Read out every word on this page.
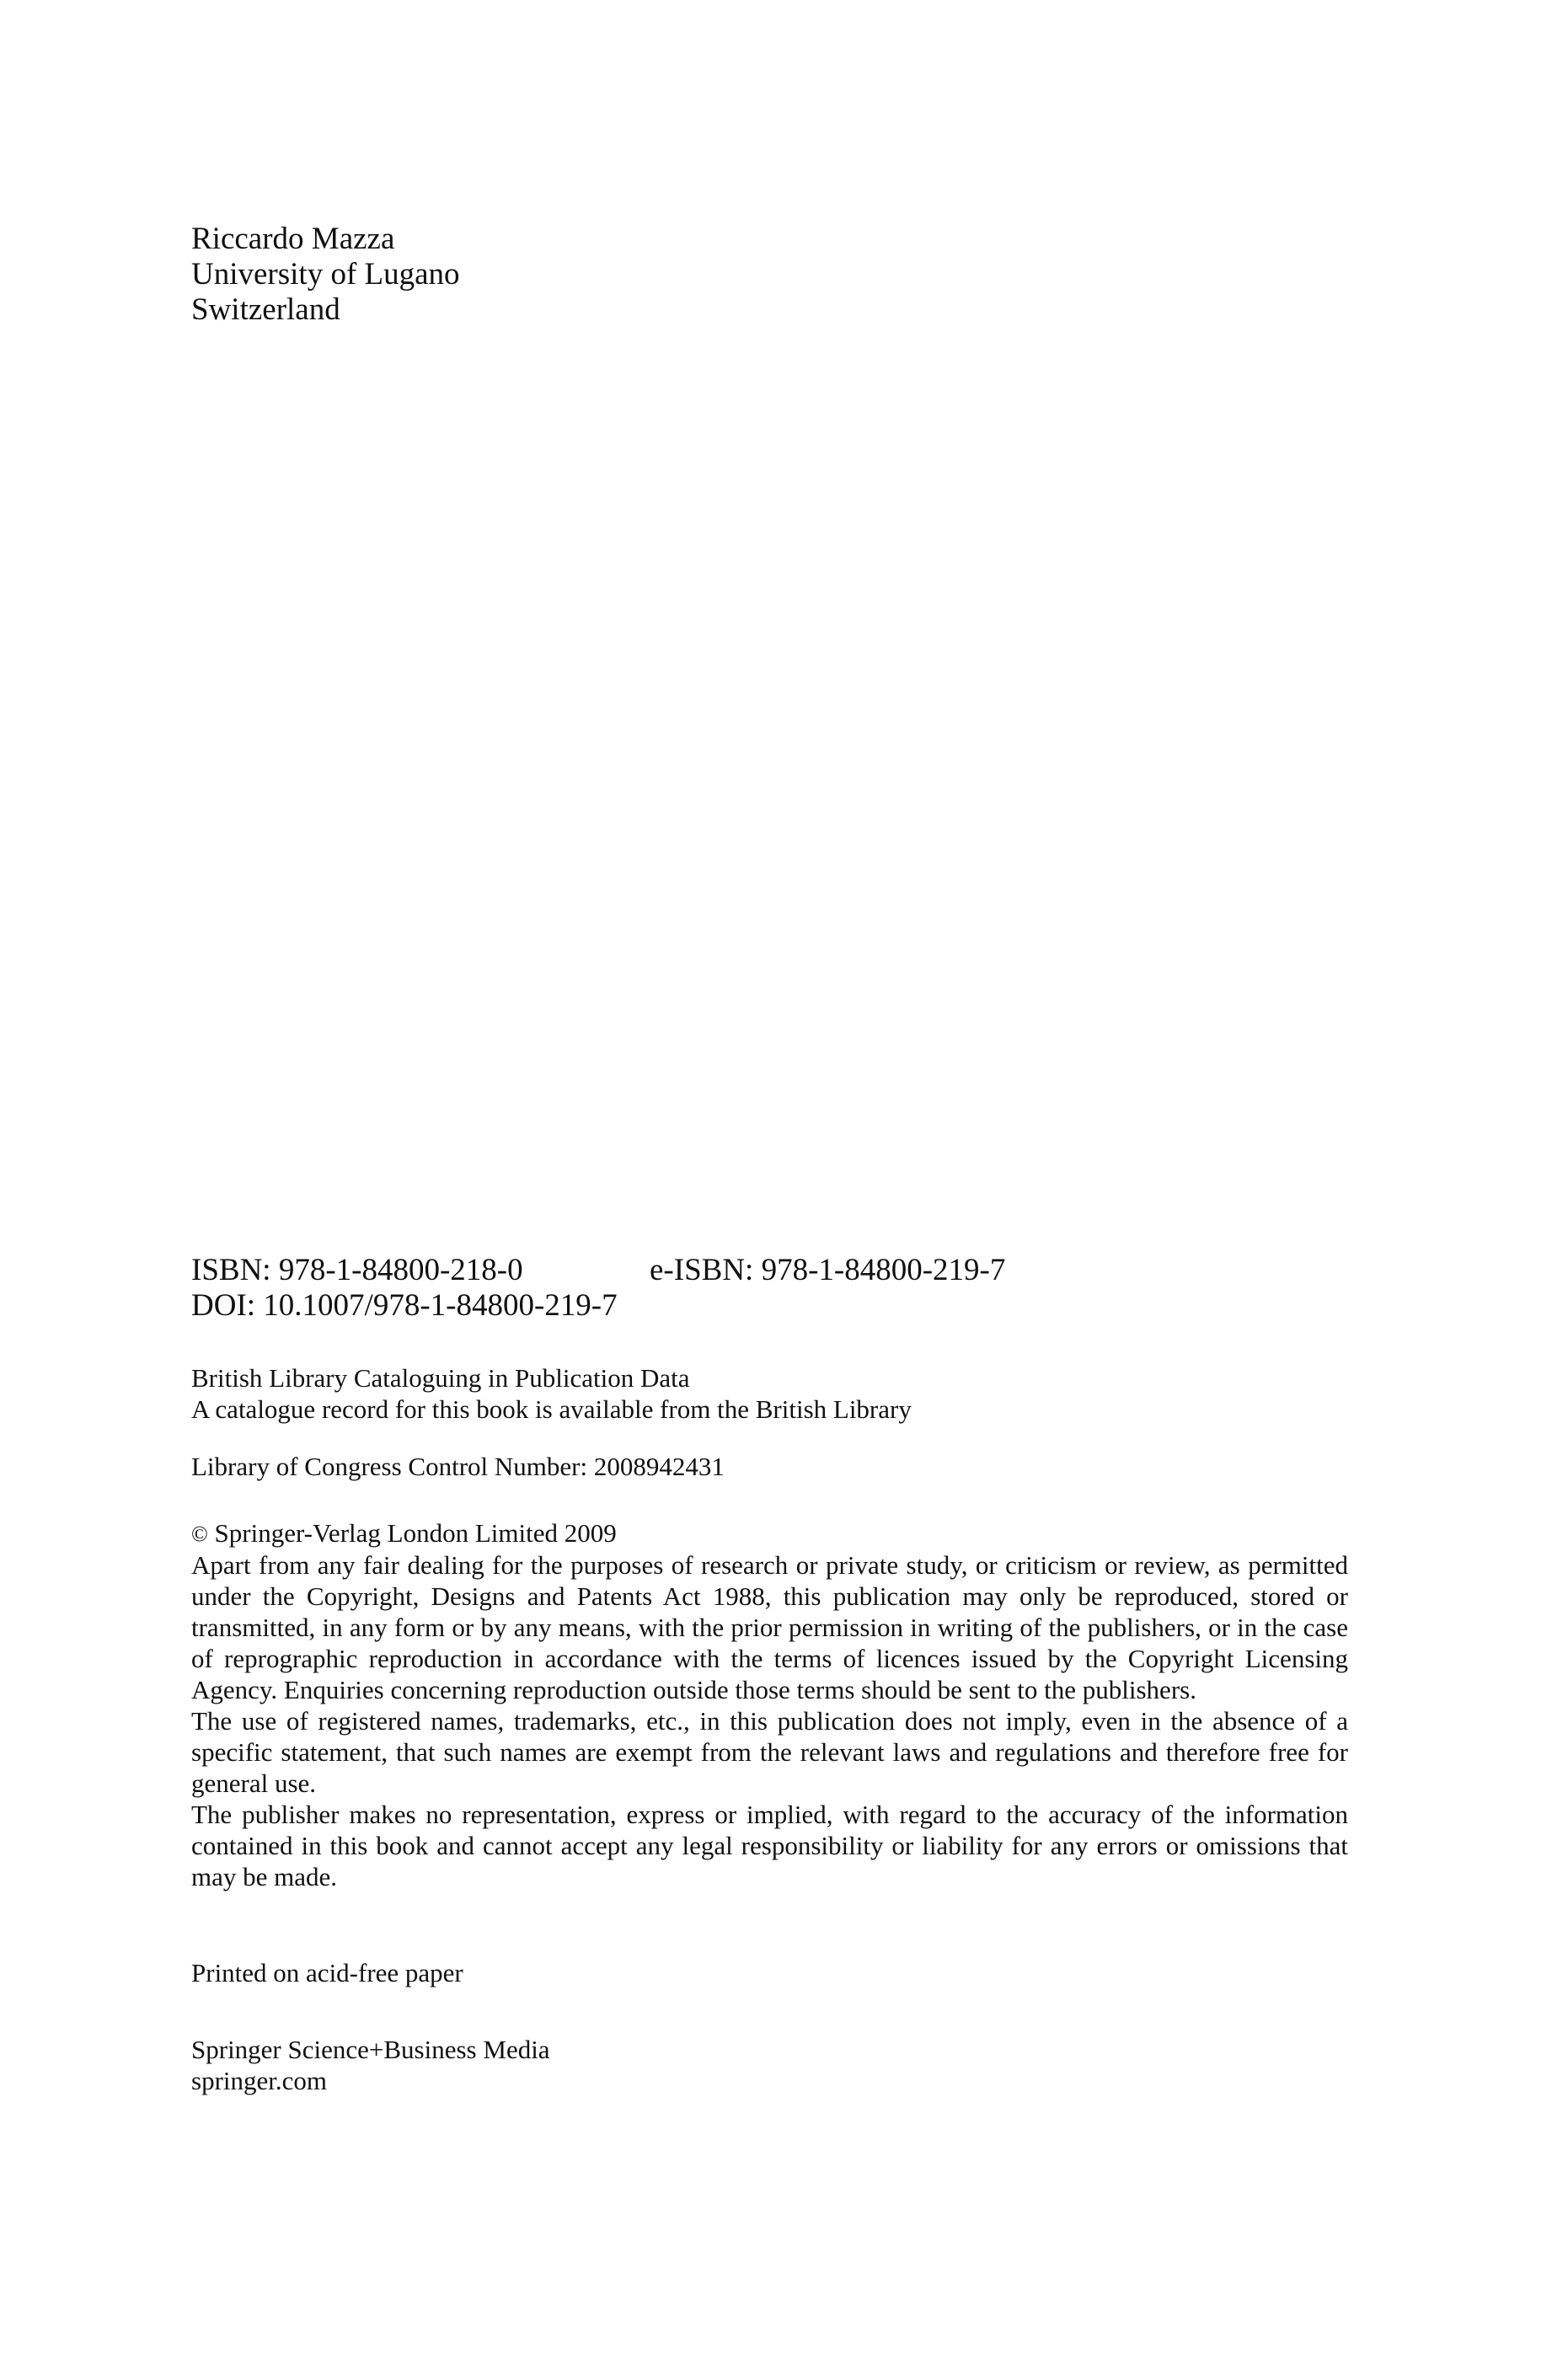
Riccardo Mazza
University of Lugano
Switzerland
ISBN: 978-1-84800-218-0	e-ISBN: 978-1-84800-219-7
DOI: 10.1007/978-1-84800-219-7
British Library Cataloguing in Publication Data
A catalogue record for this book is available from the British Library
Library of Congress Control Number: 2008942431
© Springer-Verlag London Limited 2009

Apart from any fair dealing for the purposes of research or private study, or criticism or review, as permitted under the Copyright, Designs and Patents Act 1988, this publication may only be reproduced, stored or transmitted, in any form or by any means, with the prior permission in writing of the publishers, or in the case of reprographic reproduction in accordance with the terms of licences issued by the Copyright Licensing Agency. Enquiries concerning reproduction outside those terms should be sent to the publishers.

The use of registered names, trademarks, etc., in this publication does not imply, even in the absence of a specific statement, that such names are exempt from the relevant laws and regulations and therefore free for general use.

The publisher makes no representation, express or implied, with regard to the accuracy of the information contained in this book and cannot accept any legal responsibility or liability for any errors or omissions that may be made.

Printed on acid-free paper
Springer Science+Business Media
springer.com
